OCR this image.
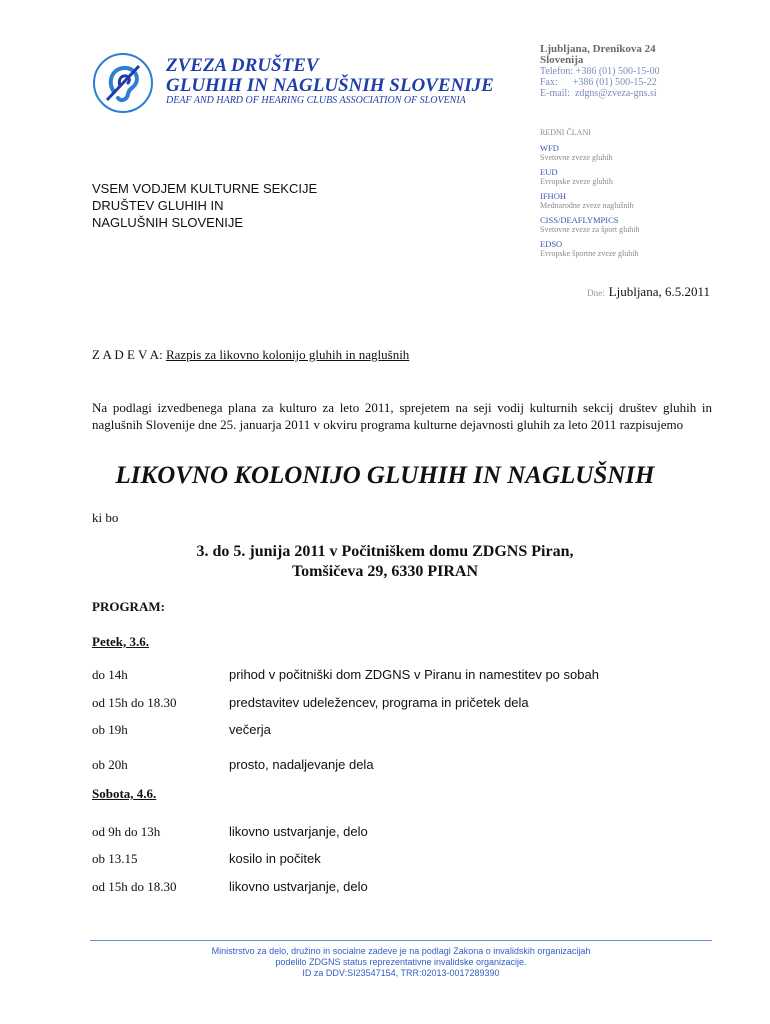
ZVEZA DRUŠTEV
GLUHIH IN NAGLUŠNIH SLOVENIJE
DEAF AND HARD OF HEARING CLUBS ASSOCIATION OF SLOVENIA
Ljubljana, Drenikova 24
Slovenija
Telefon: +386 (01) 500-15-00
Fax:      +386 (01) 500-15-22
E-mail:  zdgns@zveza-gns.si
REDNI ČLANI
WFD
Svetovne zveze gluhih
EUD
Evropske zveze gluhih
IFHOH
Mednarodne zveze naglušnih
CISS/DEAFLYMPICS
Svetovne zveze za šport gluhih
EDSO
Evropske športne zveze gluhih
VSEM VODJEM KULTURNE SEKCIJE
DRUŠTEV GLUHIH IN
NAGLUŠNIH SLOVENIJE
Dne: Ljubljana, 6.5.2011
Z A D E V A: Razpis za likovno kolonijo gluhih in naglušnih
Na podlagi izvedbenega plana za kulturo za leto 2011, sprejetem na seji vodij kulturnih sekcij društev gluhih in naglušnih Slovenije dne 25. januarja 2011 v okviru programa kulturne dejavnosti gluhih za leto 2011 razpisujemo
LIKOVNO KOLONIJO GLUHIH IN NAGLUŠNIH
ki bo
3. do 5. junija 2011 v Počitniškem domu ZDGNS Piran,
Tomšičeva 29, 6330 PIRAN
PROGRAM:
Petek, 3.6.
do 14h	prihod v počitniški dom ZDGNS v Piranu in namestitev po sobah
od 15h do 18.30	predstavitev udeležencev, programa in pričetek dela
ob 19h	večerja
ob 20h	prosto, nadaljevanje dela
Sobota, 4.6.
od 9h do 13h	likovno ustvarjanje, delo
ob 13.15	kosilo in počitek
od 15h do 18.30	likovno ustvarjanje, delo
Ministrstvo za delo, družino in socialne zadeve je na podlagi Zakona o invalidskih organizacijah
podelilo ZDGNS status reprezentativne invalidske organizacije.
ID za DDV:SI23547154, TRR:02013-0017289390
